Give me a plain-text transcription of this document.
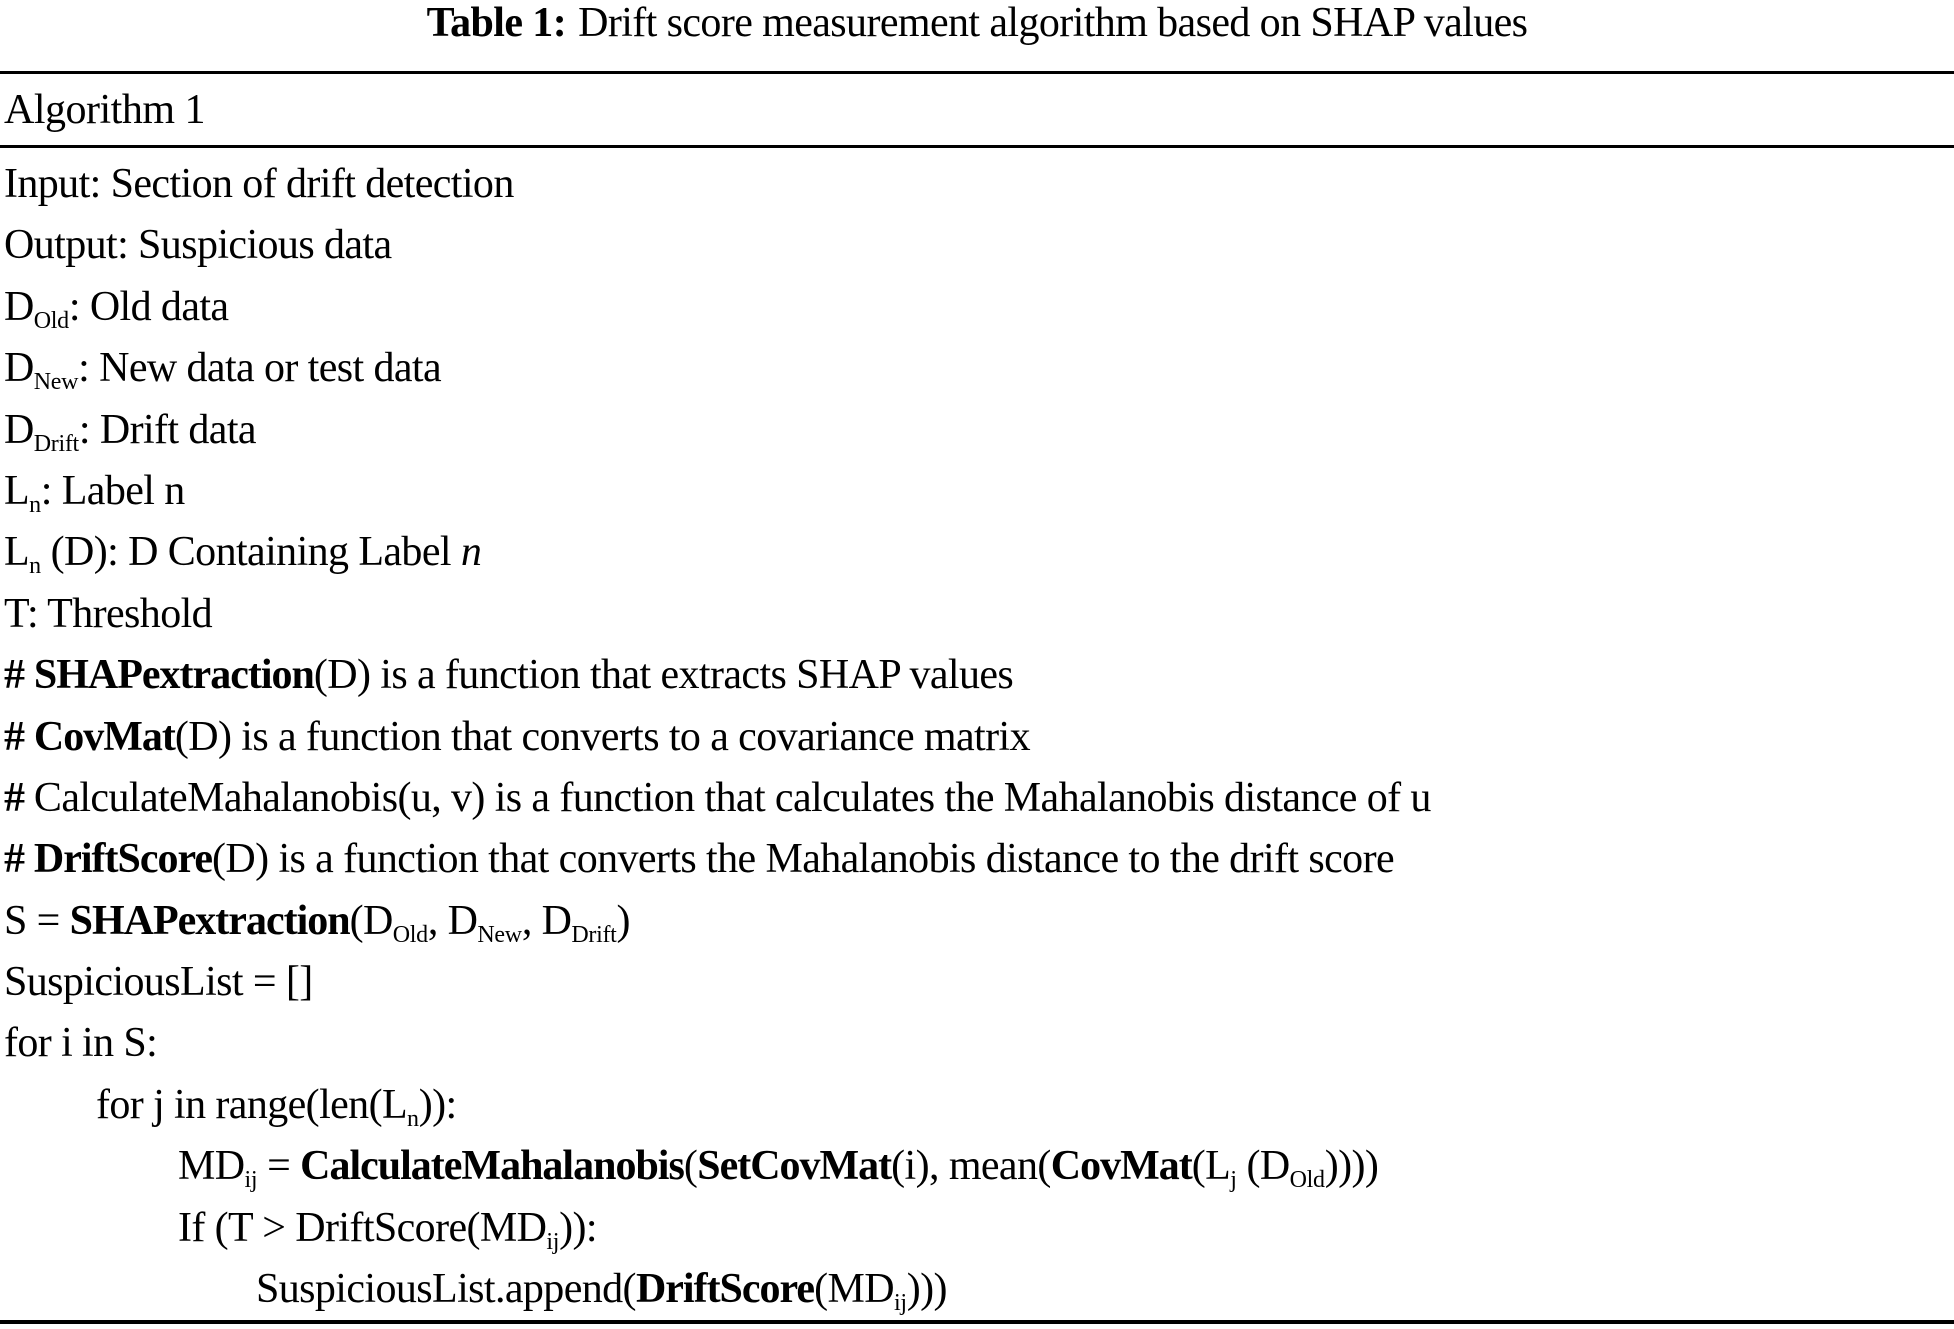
Table 1: Drift score measurement algorithm based on SHAP values
Algorithm 1
Input: Section of drift detection
Output: Suspicious data
$D_{Old}$: Old data
$D_{New}$: New data or test data
$D_{Drift}$: Drift data
$L_n$: Label n
$L_n$ (D): D Containing Label n
T: Threshold
# SHAPextraction(D) is a function that extracts SHAP values
# CovMat(D) is a function that converts to a covariance matrix
# CalculateMahalanobis(u, v) is a function that calculates the Mahalanobis distance of u
# DriftScore(D) is a function that converts the Mahalanobis distance to the drift score
$S = SHAPextraction(D_{Old}$, $D_{New}$, $D_{Drift}$)
SuspiciousList = []
for i in S:
for j in $range(len(L_n))$:
$MD_{ij}$ = CalculateMahalanobis(SetCovMat(i), $mean(CovMat(L_j$ $(D_{Old})$)))
If $(T > DriftScore(MD_{ij}))$:
$SuspiciousList.append(DriftScore(MD_{ij}))$)
